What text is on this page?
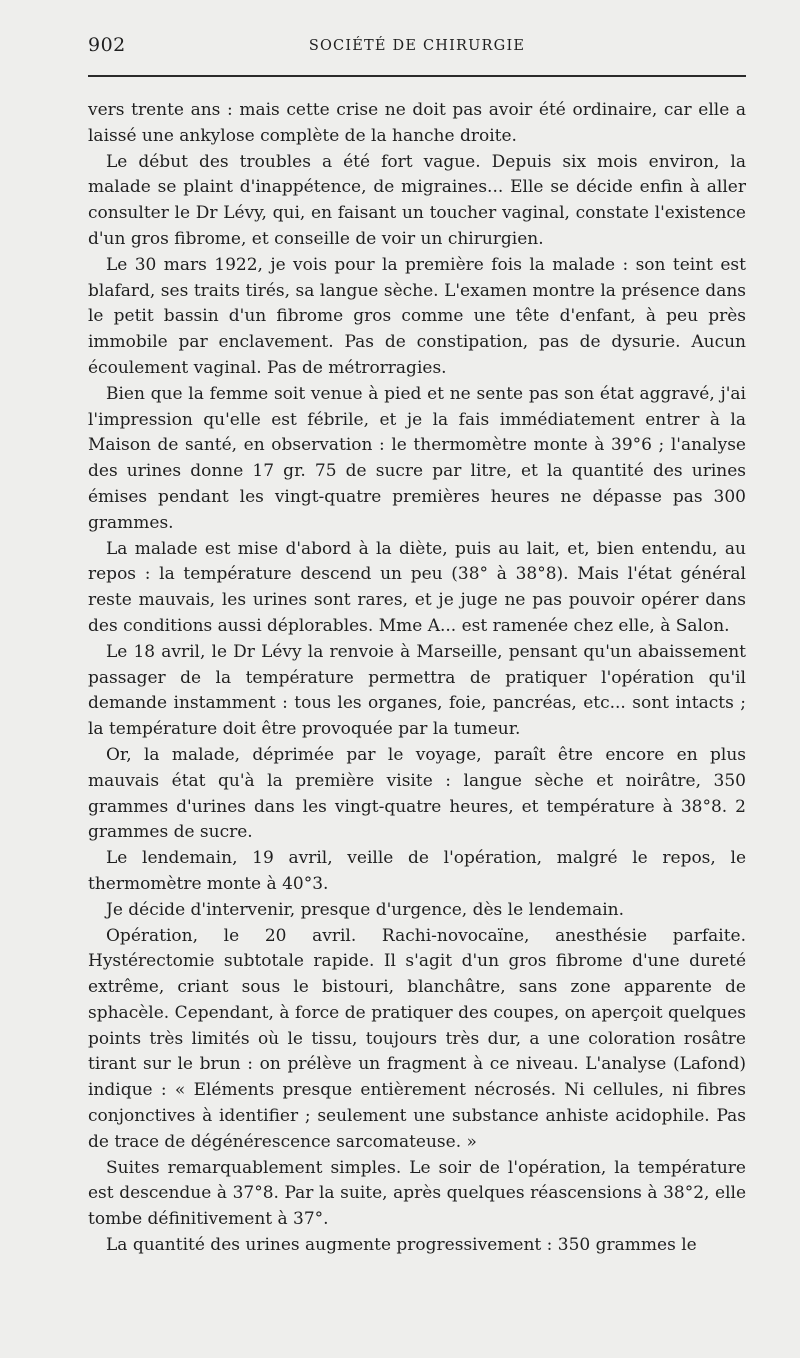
902	SOCIÉTÉ DE CHIRURGIE

vers trente ans : mais cette crise ne doit pas avoir été ordinaire, car elle a laissé une ankylose complète de la hanche droite.

Le début des troubles a été fort vague. Depuis six mois environ, la malade se plaint d'inappétence, de migraines... Elle se décide enfin à aller consulter le Dr Lévy, qui, en faisant un toucher vaginal, constate l'existence d'un gros fibrome, et conseille de voir un chirurgien.

Le 30 mars 1922, je vois pour la première fois la malade : son teint est blafard, ses traits tirés, sa langue sèche. L'examen montre la présence dans le petit bassin d'un fibrome gros comme une tête d'enfant, à peu près immobile par enclavement. Pas de constipation, pas de dysurie. Aucun écoulement vaginal. Pas de métrorragies.

Bien que la femme soit venue à pied et ne sente pas son état aggravé, j'ai l'impression qu'elle est fébrile, et je la fais immédiatement entrer à la Maison de santé, en observation : le thermomètre monte à 39°6 ; l'analyse des urines donne 17 gr. 75 de sucre par litre, et la quantité des urines émises pendant les vingt-quatre premières heures ne dépasse pas 300 grammes.

La malade est mise d'abord à la diète, puis au lait, et, bien entendu, au repos : la température descend un peu (38° à 38°8). Mais l'état général reste mauvais, les urines sont rares, et je juge ne pas pouvoir opérer dans des conditions aussi déplorables. Mme A... est ramenée chez elle, à Salon.

Le 18 avril, le Dr Lévy la renvoie à Marseille, pensant qu'un abaissement passager de la température permettra de pratiquer l'opération qu'il demande instamment : tous les organes, foie, pancréas, etc... sont intacts ; la température doit être provoquée par la tumeur.

Or, la malade, déprimée par le voyage, paraît être encore en plus mauvais état qu'à la première visite : langue sèche et noirâtre, 350 grammes d'urines dans les vingt-quatre heures, et température à 38°8. 2 grammes de sucre.

Le lendemain, 19 avril, veille de l'opération, malgré le repos, le thermomètre monte à 40°3.

Je décide d'intervenir, presque d'urgence, dès le lendemain.

Opération, le 20 avril. Rachi-novocaïne, anesthésie parfaite. Hystérectomie subtotale rapide. Il s'agit d'un gros fibrome d'une dureté extrême, criant sous le bistouri, blanchâtre, sans zone apparente de sphacèle. Cependant, à force de pratiquer des coupes, on aperçoit quelques points très limités où le tissu, toujours très dur, a une coloration rosâtre tirant sur le brun : on prélève un fragment à ce niveau. L'analyse (Lafond) indique : « Eléments presque entièrement nécrosés. Ni cellules, ni fibres conjonctives à identifier ; seulement une substance anhiste acidophile. Pas de trace de dégénérescence sarcomateuse. »

Suites remarquablement simples. Le soir de l'opération, la température est descendue à 37°8. Par la suite, après quelques réascensions à 38°2, elle tombe définitivement à 37°.

La quantité des urines augmente progressivement : 350 grammes le
